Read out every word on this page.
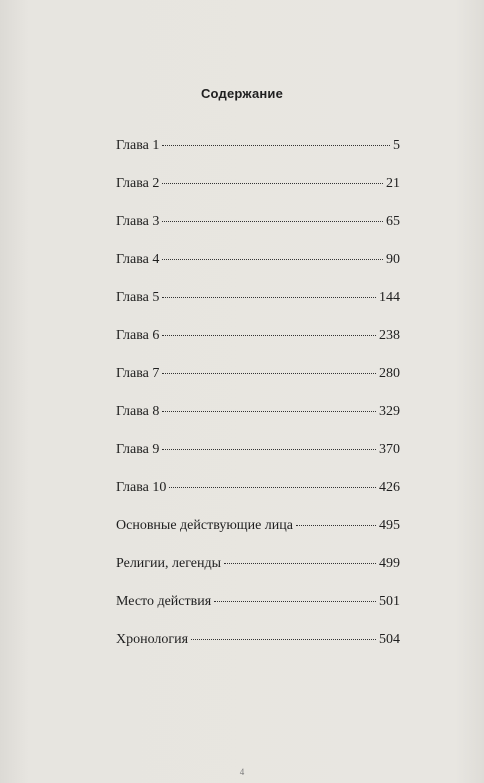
Содержание
Глава 1	5
Глава 2	21
Глава 3	65
Глава 4	90
Глава 5	144
Глава 6	238
Глава 7	280
Глава 8	329
Глава 9	370
Глава 10	426
Основные действующие лица	495
Религии, легенды	499
Место действия	501
Хронология	504
4
